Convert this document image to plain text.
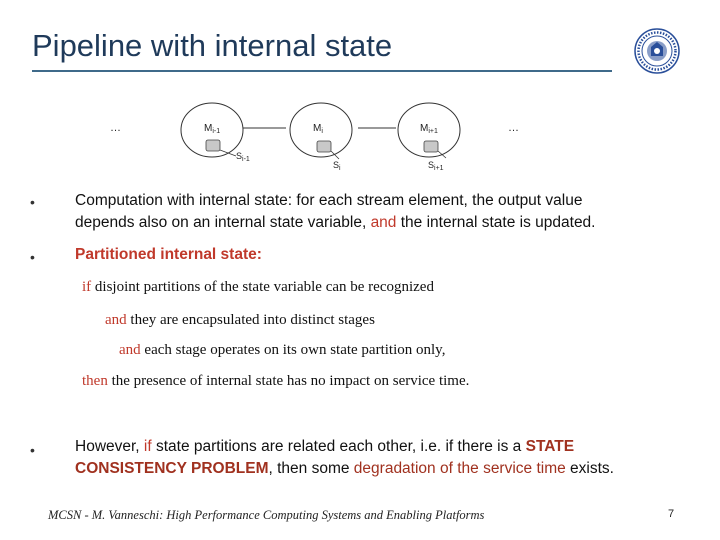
Pipeline with internal state
$M_{i-1}$
$S_{i-1}$
$M_i$
$S_i$
$M_{i+1}$
$S_{i+1}$
…	…
•	Computation with internal state: for each stream element, the output value
depends also on an internal state variable, and the internal state is updated.
•	Partitioned internal state:
if disjoint partitions of the state variable can be recognized
and they are encapsulated into distinct stages
and each stage operates on its own state partition only,
then the presence of internal state has no impact on service time.
•	However, if state partitions are related each other, i.e. if there is a STATE
CONSISTENCY PROBLEM, then some degradation of the service time exists.
MCSN - M. Vanneschi: High Performance Computing Systems and Enabling Platforms	7
